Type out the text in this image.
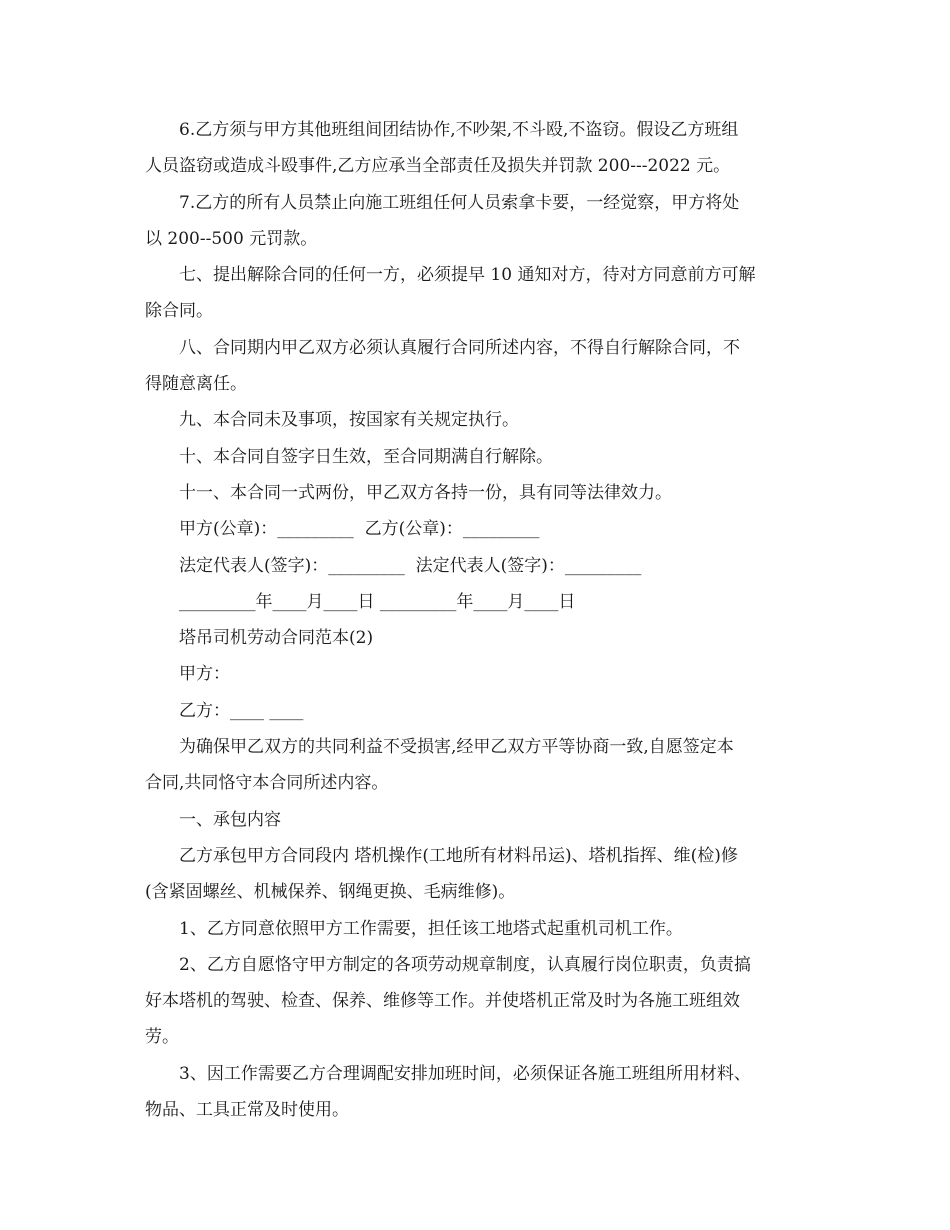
6.乙方须与甲方其他班组间团结协作,不吵架,不斗殴,不盗窃。假设乙方班组

人员盗窃或造成斗殴事件,乙方应承当全部责任及损失并罚款 200---2022 元。

7.乙方的所有人员禁止向施工班组任何人员索拿卡要，一经觉察，甲方将处

以 200--500 元罚款。

七、提出解除合同的任何一方，必须提早 10 通知对方，待对方同意前方可解

除合同。

八、合同期内甲乙双方必须认真履行合同所述内容，不得自行解除合同，不

得随意离任。

九、本合同未及事项，按国家有关规定执行。

十、本合同自签字日生效，至合同期满自行解除。

十一、本合同一式两份，甲乙双方各持一份，具有同等法律效力。

甲方(公章)：_________  乙方(公章)：_________

法定代表人(签字)：_________  法定代表人(签字)：_________

_________年____月____日 _________年____月____日

塔吊司机劳动合同范本(2)

甲方：

乙方：____ ____

为确保甲乙双方的共同利益不受损害,经甲乙双方平等协商一致,自愿签定本

合同,共同恪守本合同所述内容。

一、承包内容

乙方承包甲方合同段内 塔机操作(工地所有材料吊运)、塔机指挥、维(检)修

(含紧固螺丝、机械保养、钢绳更换、毛病维修)。

1、乙方同意依照甲方工作需要，担任该工地塔式起重机司机工作。

2、乙方自愿恪守甲方制定的各项劳动规章制度，认真履行岗位职责，负责搞

好本塔机的驾驶、检查、保养、维修等工作。并使塔机正常及时为各施工班组效

劳。

3、因工作需要乙方合理调配安排加班时间，必须保证各施工班组所用材料、

物品、工具正常及时使用。
